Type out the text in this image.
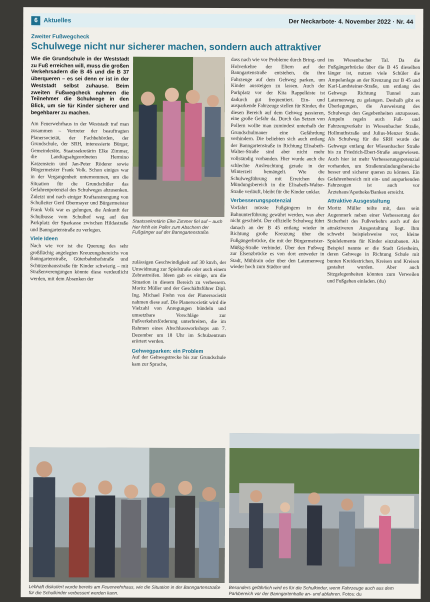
6 Aktuelles	Der Neckarbote· 4. November 2022 · Nr. 44
Zweiter Fußwegcheck
Schulwege nicht nur sicherer machen, sondern auch attraktiver

Wie die Grundschule in der Weststadt zu Fuß erreichen will, muss die großen Verkehrsadern die B 45 und die B 37 überqueren – es sei denn er ist in der Weststadt selbst zuhause. Beim zweiten Fußwegcheck nahmen die Teilnehmer die Schulwege in den Blick, um sie für Kinder sicherer und begehbarer zu machen.

Am Feuerwehrhaus in der Weststadt traf man zusammen – Vertreter der beauftragten Planersocietät, der Fachbehörden, der Grundschule, der SRH, interessierte Bürger, Gemeinderäte, Staatssekretärin Elke Zimmer, die Landtagsabgeordneten Hermino Katzenstein und Jan-Peter Röderer sowie Bürgermeister Frank Volk. Schon einiges war in der Vergangenheit unternommen, um die Situation für die Grundschüler das Gefahrenpotenzial des Schulweges abzusenken. Zuletzt und nach einiger Kraftanstrengung von Schulleiter Gerd Obermayer und Bürgermeister Frank Volk war es gelungen, die Ankunft der Schulbusse vom Schulhof weg auf den Parkplatz der Sparkasse zwischen Hildastraße und Banngartenstraße zu verlegen.

Viele Ideen

Nach wie vor ist die Querung des sehr großflächig angelegten Kreuzungsbereichs von Banngartenstraße, Güterbahnhofstraße und Schützenhausstraße für Kinder schwierig – mit Straßenverengungen könnte diese verdeutlicht werden, mit dem Absenken der

Staatssekretärin Elke Zimmer fiel auf – auch hier fehlt ein Poller zum Abschern der Fußgänger auf der Banngartenstraße.

zulässigen Geschwindigkeit auf 30 km/h, der Umwidmung zur Spielstraße oder auch einem Zebrastreifen. Ideen gab es einige, um die Situation in diesem Bereich zu verbessern. Moritz Müller und der Geschäftsführer Dipl. Ing. Michael Frehn von der Planersocietät nahmen diese auf. Die Planersocietät wird die Vielzahl von Anregungen bündeln und umsetzbare Vorschläge zur Fußverkehrsförderung unterbreiten, die im Rahmen eines Abschlussworkshops am 7. Dezember um 18 Uhr im Schulzentrum erörtert werden.

Gehwegparken: ein Problem

Auf der Gehwegstrecke bis zur Grundschule kam zur Sprache,

dass nach wie vor Probleme durch Bring- und Holverkehre der Eltern auf der Banngartenstraße entstehen, die ihre Fahrzeuge auf dem Gehweg parken, um Kinder aussteigen zu lassen. Auch der Parkplatz vor der Kita Rappelkiste ist dadurch gut frequentiert. Ein- und ausparkende Fahrzeuge stellen für Kinder, die diesen Bereich auf dem Gehweg passieren, eine große Gefahr da. Durch das Setzen von Pollern wollte man zumindest unterhalb der Grundschulmauer eine Gefährdung verhindern. Die beliebten sich auch entlang der Banngartenstraße in Richtung Elisabeth-Walter-Straße sind aber nicht mehr vollständig vorhanden. Hier wurde auch die schlechte Ausleuchtung gerade in der Winterzeit bemängelt. Wie die Schulwegführung mit Erreichen des Mündungsbereich in die Elisabeth-Walter-Straße verläuft, bleibt für die Kinder unklar.

Verbesserungspotenzial

Vorfahrt müsste Fußgängern in der Bahnunterführung gewährt werden, was aber nicht geschieht. Der offizielle Schulweg führt danach an der B 45 entlang wieder in Richtung große Kreuzung über die Fußgängerbrücke, die mit der Bürgermeister-Müßig-Straße verbindet. Über den Fußweg zur Elsenzbrücke es von dort entweder in Stadt, Mühlrain oder über den Latemenweg wieder hoch zum Städtor und

ins Wiesenbacher Tal. Da die Fußgängerbrücke über die B 45 dieselben länger ist, nutzen viele Schüler die Ampelanlage an der Kreuzung zur B 45 und Karl-Landsteiner-Straße, um entlang des Gehwegs Richtung Tunnel zum Laternenweg zu gelangen. Deshalb gibt es Überlegungen, die Ausweisung des Schulwegs den Gegebenheiten anzupassen. Ampeln regeln auch Fuß- und Fahrzeugverkehr in Wiesenbacher Straße, Hollmuthstraße und Julius-Menzer Straße. Als Schulweg für die SRH wurde der Gehwege entlang der Wiesenbacher Straße bis zu Friedrich-Ebert-Straße ausgewiesen. Auch hier ist mehr Verbesserungspotenzial vorhanden, um Straßenmündungsbereiche besser und sicherer queren zu können. Ein Gefahrenbereich mit ein- und ausparkenden Fahrzeugen ist auch vor Ärztehaus/Apotheke/Banken erreicht.

Attraktive Ausgestaltung

Moritz Müller teilte mit, dass sein Augenmerk neben einer Verbesserung der Sicherheit des Fußverkehrs auch auf der attraktiveren Ausgestaltung liegt. Ihm schwebt beispielsweise vor, kleine Spielelemente für Kinder einzubauen. Als Beispiel nannte er die Stadt Griesheim, deren Gehwege in Richtung Schule mit bunten Kreidestrichen, Kreisen und Kreisen gestaltet wurden. Aber auch Sitzgelegenheiten könnten zum Verweilen und Fußgehen einladen. (du)

Lebhaft diskutiert wurde bereits am Feuerwehrhaus, wie die Situation in der Banngartenstraße für die Schulkinder verbessert werden kann.
Besonders gefährlich wird es für die Schulkinder, wenn Fahrzeuge auch aus dem Parkbereich vor der Banngartenhalle an- und abfahren. Fotos: du
